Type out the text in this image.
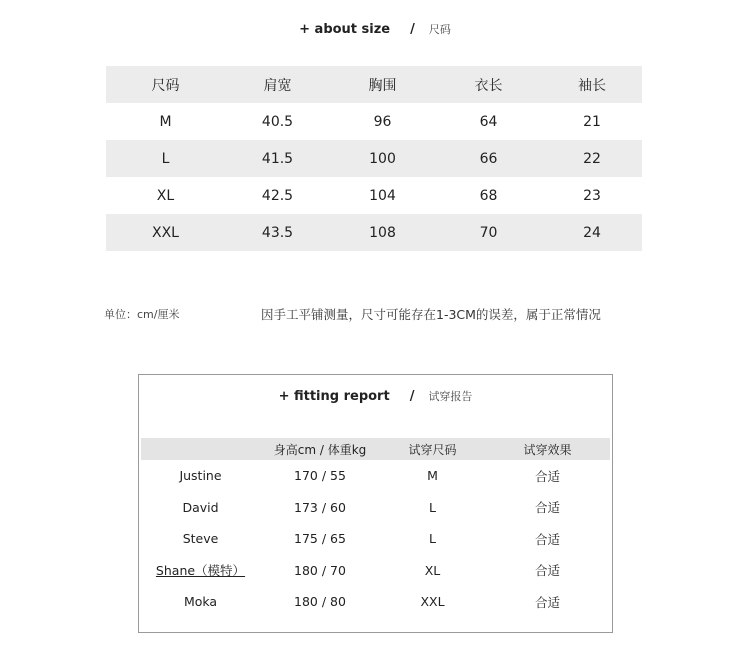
+ about size / 尺码
尺码	肩宽	胸围	衣长	袖长
M	40.5	96	64	21
L	41.5	100	66	22
XL	42.5	104	68	23
XXL	43.5	108	70	24
单位：cm/厘米	因手工平铺测量，尺寸可能存在1-3CM的误差，属于正常情况
+ fitting report / 试穿报告
	身高cm / 体重kg	试穿尺码	试穿效果
Justine	170 / 55	M	合适
David	173 / 60	L	合适
Steve	175 / 65	L	合适
Shane（模特）	180 / 70	XL	合适
Moka	180 / 80	XXL	合适
